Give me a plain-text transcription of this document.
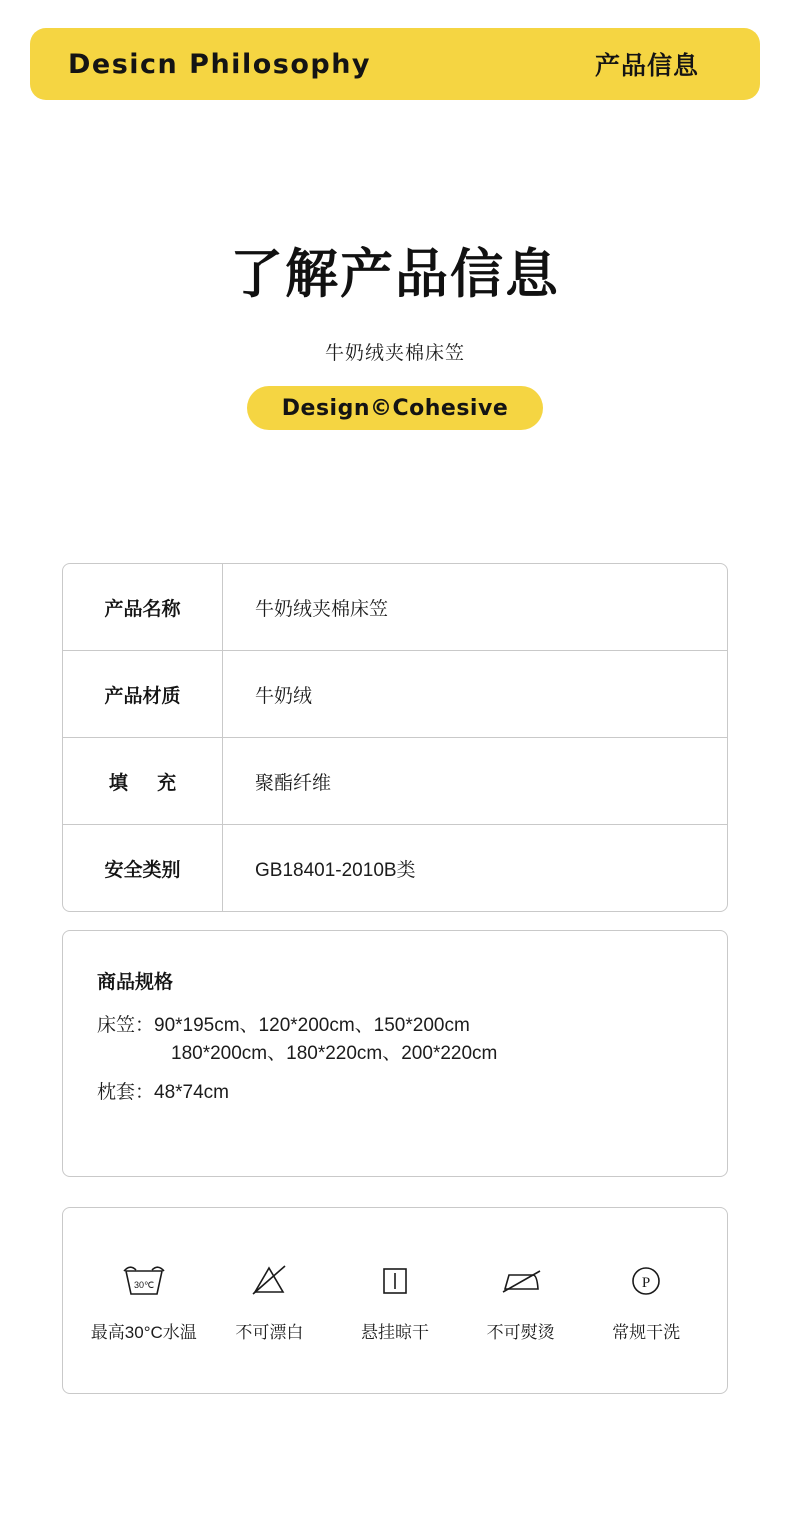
Desicn Philosophy	产品信息
了解产品信息
牛奶绒夹棉床笠
Design©Cohesive
产品名称	牛奶绒夹棉床笠
产品材质	牛奶绒
填 充	聚酯纤维
安全类别	GB18401-2010B类
商品规格
床笠：90*195cm、120*200cm、150*200cm
180*200cm、180*220cm、200*220cm
枕套：48*74cm
30℃
最高30°C水温 不可漂白	悬挂晾干	不可熨烫
P
常规干洗
